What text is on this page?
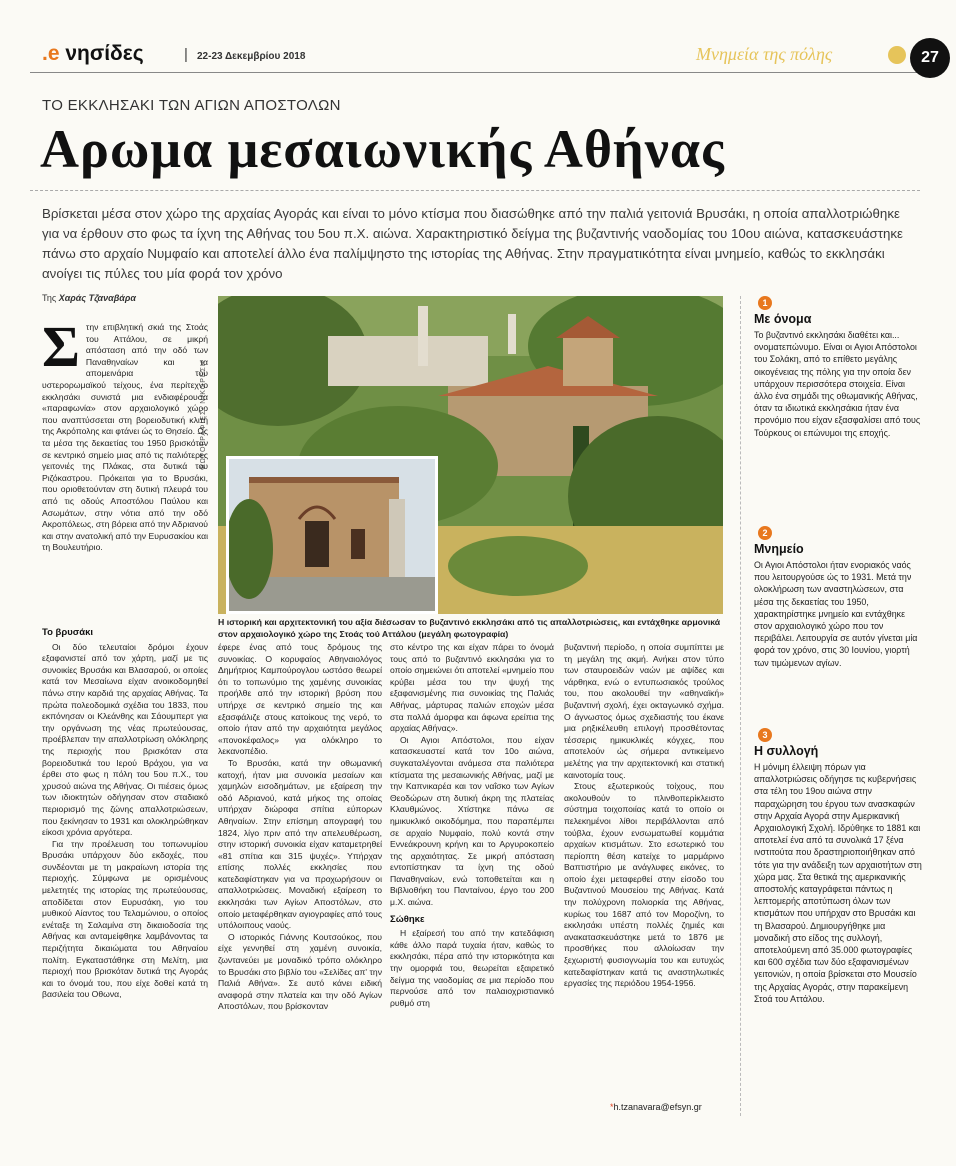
.e νησίδες	| 22-23 Δεκεμβρίου 2018	Μνημεία της πόλης	27
ΤΟ ΕΚΚΛΗΣΑΚΙ ΤΩΝ ΑΓΙΩΝ ΑΠΟΣΤΟΛΩΝ
Αρωμα μεσαιωνικής Αθήνας
Βρίσκεται μέσα στον χώρο της αρχαίας Αγοράς και είναι το μόνο κτίσμα που διασώθηκε από την παλιά γειτονιά Βρυσάκι, η οποία απαλλοτριώθηκε για να έρθουν στο φως τα ίχνη της Αθήνας του 5ου π.Χ. αιώνα. Χαρακτηριστικό δείγμα της βυζαντινής ναοδομίας του 10ου αιώνα, κατασκευάστηκε πάνω στο αρχαίο Νυμφαίο και αποτελεί άλλο ένα παλίμψηστο της ιστορίας της Αθήνας. Στην πραγματικότητα είναι μνημείο, καθώς το εκκλησάκι ανοίγει τις πύλες του μία φορά τον χρόνο
Της Χαράς Τζαναβάρα
ΦΩΤΟΓΡΑΦΙΕΣ: ΝΙΚΟΡΕΣΗ
Η ιστορική και αρχιτεκτονική του αξία διέσωσαν το βυζαντινό εκκλησάκι από τις απαλλοτριώσεις, και εντάχθηκε αρμονικά στον αρχαιολογικό χώρο της Στοάς τού Αττάλου (μεγάλη φωτογραφία)
Σ την επιβλητική σκιά της Στοάς του Αττάλου, σε μικρή απόσταση από την οδό των Παναθηναίων και τα απομεινάρια του υστερορωμαϊκού τείχους, ένα περίτεχνο εκκλησάκι συνιστά μια ενδιαφέρουσα «παραφωνία» στον αρχαιολογικό χώρο που αναπτύσσεται στη βορειοδυτική κλιτή της Ακρόπολης και φτάνει ώς το Θησείο. Ως τα μέσα της δεκαετίας του 1950 βρισκόταν σε κεντρικό σημείο μιας από τις παλιότερες γειτονιές της Πλάκας, στα δυτικά του Ριζόκαστρου. Πρόκειται για το Βρυσάκι, που οριοθετούνταν στη δυτική πλευρά του από τις οδούς Αποστόλου Παύλου και Ασωμάτων, στην νότια από την οδό Ακροπόλεως, στη βόρεια από την Αδριανού και στην ανατολική από την Ευρυσακίου και τη Βουλευτήριο.
Το βρυσάκι

Οι δύο τελευταίοι δρόμοι έχουν εξαφανιστεί από τον χάρτη, μαζί με τις συνοικίες Βρυσάκι και Βλασαρού, οι οποίες κατά τον Μεσαίωνα είχαν ανοικοδομηθεί πάνω στην καρδιά της αρχαίας Αθήνας. Τα πρώτα πολεοδομικά σχέδια του 1833, που εκπόνησαν οι Κλεάνθης και Σάουμπερτ για την οργάνωση της νέας πρωτεύουσας, προέβλεπαν την απαλλοτρίωση ολόκληρης της περιοχής που βρισκόταν στα βορειοδυτικά του Ιερού Βράχου, για να έρθει στο φως η πόλη του 5ου π.Χ., του χρυσού αιώνα της Αθήνας. Οι πιέσεις όμως των ιδιοκτητών οδήγησαν στον σταδιακό περιορισμό της ζώνης απαλλοτριώσεων, που ξεκίνησαν το 1931 και ολοκληρώθηκαν είκοσι χρόνια αργότερα.

Για την προέλευση του τοπωνυμίου Βρυσάκι υπάρχουν δύο εκδοχές, που συνδέονται με τη μακραίωνη ιστορία της περιοχής. Σύμφωνα με ορισμένους μελετητές της ιστορίας της πρωτεύουσας, αποδίδεται στον Ευρυσάκη, γιο του μυθικού Αίαντος του Τελαμώνιου, ο οποίος ενέταξε τη Σαλαμίνα στη δικαιοδοσία της Αθήνας και ανταμείφθηκε λαμβάνοντας τα περιζήτητα δικαιώματα του Αθηναίου πολίτη. Εγκαταστάθηκε στη Μελίτη, μια περιοχή που βρισκόταν δυτικά της Αγοράς και το όνομά του, που είχε δοθεί κατά τη βασιλεία του Οθωνα,

έφερε ένας από τους δρόμους της συνοικίας. Ο κορυφαίος Αθηναιολόγος Δημήτριος Καμπούρογλου ωστόσο θεωρεί ότι το τοπωνύμιο της χαμένης συνοικίας προήλθε από την ιστορική βρύση που υπήρχε σε κεντρικό σημείο της και εξασφάλιζε στους κατοίκους της νερό, το οποίο ήταν από την αρχαιότητα μεγάλος «πονοκέφαλος» για ολόκληρο το λεκανοπέδιο.

Το Βρυσάκι, κατά την οθωμανική κατοχή, ήταν μια συνοικία μεσαίων και χαμηλών εισοδημάτων, με εξαίρεση την οδό Αδριανού, κατά μήκος της οποίας υπήρχαν διώροφα σπίτια εύπορων Αθηναίων. Στην επίσημη απογραφή του 1824, λίγο πριν από την απελευθέρωση, στην ιστορική συνοικία είχαν καταμετρηθεί «81 σπίτια και 315 ψυχές». Υπήρχαν επίσης πολλές εκκλησίες που κατεδαφίστηκαν για να προχωρήσουν οι απαλλοτριώσεις. Μοναδική εξαίρεση το εκκλησάκι των Αγίων Αποστόλων, στο οποίο μεταφέρθηκαν αγιογραφίες από τους υπόλοιπους ναούς.

Ο ιστορικός Γιάννης Κουτσούκος, που είχε γεννηθεί στη χαμένη συνοικία, ζωντανεύει με μοναδικό τρόπο ολόκληρο το Βρυσάκι στο βιβλίο του «Σελίδες απ' την Παλιά Αθήνα». Σε αυτό κάνει ειδική αναφορά στην πλατεία και την οδό Αγίων Αποστόλων, που βρίσκονταν

στο κέντρο της και είχαν πάρει το όνομά τους από το βυζαντινό εκκλησάκι για το οποίο σημειώνει ότι αποτελεί «μνημείο που κρύβει μέσα του την ψυχή της εξαφανισμένης πια συνοικίας της Παλιάς Αθήνας, μάρτυρας παλιών εποχών μέσα στα πολλά άμορφα και άφωνα ερείπια της αρχαίας Αθήνας».

Οι Αγιοι Απόστολοι, που είχαν κατασκευαστεί κατά τον 10ο αιώνα, συγκαταλέγονται ανάμεσα στα παλιότερα κτίσματα της μεσαιωνικής Αθήνας, μαζί με την Καπνικαρέα και τον ναΐσκο των Αγίων Θεοδώρων στη δυτική άκρη της πλατείας Κλαυθμώνος. Χτίστηκε πάνω σε ημικυκλικό οικοδόμημα, που παραπέμπει σε αρχαίο Νυμφαίο, πολύ κοντά στην Εννεάκρουνη κρήνη και το Αργυροκοπείο της αρχαιότητας. Σε μικρή απόσταση εντοπίστηκαν τα ίχνη της οδού Παναθηναίων, ενώ τοποθετείται και η Βιβλιοθήκη του Πανταίνου, έργο του 200 μ.Χ. αιώνα.

Σώθηκε

Η εξαίρεσή του από την κατεδάφιση κάθε άλλο παρά τυχαία ήταν, καθώς το εκκλησάκι, πέρα από την ιστορικότητα και την ομορφιά του, θεωρείται εξαιρετικό δείγμα της ναοδομίας σε μια περίοδο που περνούσε από τον παλαιοχριστιανικό ρυθμό στη

βυζαντινή περίοδο, η οποία συμπίπτει με τη μεγάλη της ακμή. Ανήκει στον τύπο των σταυροειδών ναών με αψίδες και νάρθηκα, ενώ ο εντυπωσιακός τρούλος του, που ακολουθεί την «αθηναϊκή» βυζαντινή σχολή, έχει οκταγωνικό σχήμα. Ο άγνωστος όμως σχεδιαστής του έκανε μια ρηξικέλευθη επιλογή προσθέτοντας τέσσερις ημικυκλικές κόγχες, που αποτελούν ώς σήμερα αντικείμενο μελέτης για την αρχιτεκτονική και στατική καινοτομία τους.

Στους εξωτερικούς τοίχους, που ακολουθούν το πλινθοπερίκλειστο σύστημα τοιχοποιίας κατά το οποίο οι πελεκημένοι λίθοι περιβάλλονται από τούβλα, έχουν ενσωματωθεί κομμάτια αρχαίων κτισμάτων. Στο εσωτερικό του περίοπτη θέση κατείχε το μαρμάρινο Βαπτιστήριο με ανάγλυφες εικόνες, το οποίο έχει μεταφερθεί στην είσοδο του Βυζαντινού Μουσείου της Αθήνας. Κατά την πολύχρονη πολιορκία της Αθήνας, κυρίως του 1687 από τον Μοροζίνη, το εκκλησάκι υπέστη πολλές ζημιές και ανακατασκευάστηκε μετά το 1876 με προσθήκες που αλλοίωσαν την ξεχωριστή φυσιογνωμία του και ευτυχώς κατεδαφίστηκαν κατά τις αναστηλωτικές εργασίες της περιόδου 1954-1956.

*h.tzanavara@efsyn.gr
1
Με όνομα
Το βυζαντινό εκκλησάκι διαθέτει και... ονοματεπώνυμο. Είναι οι Αγιοι Απόστολοι του Σολάκη, από το επίθετο μεγάλης οικογένειας της πόλης για την οποία δεν υπάρχουν περισσότερα στοιχεία. Είναι άλλο ένα σημάδι της οθωμανικής Αθήνας, όταν τα ιδιωτικά εκκλησάκια ήταν ένα προνόμιο που είχαν εξασφαλίσει από τους Τούρκους οι επώνυμοι της εποχής.
2
Μνημείο
Οι Αγιοι Απόστολοι ήταν ενοριακός ναός που λειτουργούσε ώς το 1931. Μετά την ολοκλήρωση των αναστηλώσεων, στα μέσα της δεκαετίας του 1950, χαρακτηρίστηκε μνημείο και εντάχθηκε στον αρχαιολογικό χώρο που τον περιβάλει. Λειτουργία σε αυτόν γίνεται μία φορά τον χρόνο, στις 30 Ιουνίου, γιορτή των τιμώμενων αγίων.
3
Η συλλογή
Η μόνιμη έλλειψη πόρων για απαλλοτριώσεις οδήγησε τις κυβερνήσεις στα τέλη του 19ου αιώνα στην παραχώρηση του έργου των ανασκαφών στην Αρχαία Αγορά στην Αμερικανική Αρχαιολογική Σχολή. Ιδρύθηκε το 1881 και αποτελεί ένα από τα συνολικά 17 ξένα ινστιτούτα που δραστηριοποιήθηκαν από τότε για την ανάδειξη των αρχαιοτήτων στη χώρα μας. Στα θετικά της αμερικανικής αποστολής καταγράφεται πάντως η λεπτομερής αποτύπωση όλων των κτισμάτων που υπήρχαν στο Βρυσάκι και τη Βλασαρού. Δημιουργήθηκε μια μοναδική στο είδος της συλλογή, αποτελούμενη από 35.000 φωτογραφίες και 600 σχέδια των δύο εξαφανισμένων γειτονιών, η οποία βρίσκεται στο Μουσείο της Αρχαίας Αγοράς, στην παρακείμενη Στοά του Αττάλου.
